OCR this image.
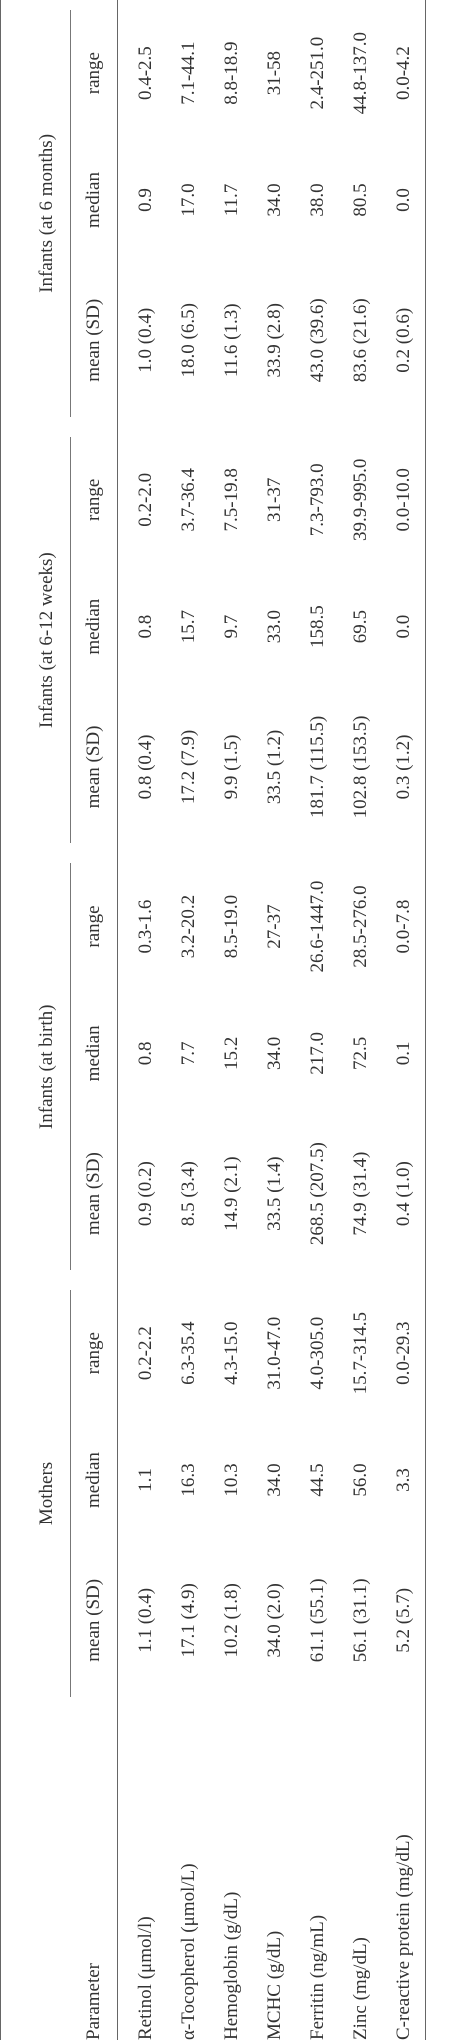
	Mothers			Infants (at birth)			Infants (at 6-12 weeks)			Infants (at 6 months)		

Parameter	mean (SD)	median	range	mean (SD)	median	range	mean (SD)	median	range	mean (SD)	median	range
Retinol (μmol/l)	1.1 (0.4)	1.1	0.2-2.2	0.9 (0.2)	0.8	0.3-1.6	0.8 (0.4)	0.8	0.2-2.0	1.0 (0.4)	0.9	0.4-2.5
α-Tocopherol (μmol/L)	17.1 (4.9)	16.3	6.3-35.4	8.5 (3.4)	7.7	3.2-20.2	17.2 (7.9)	15.7	3.7-36.4	18.0 (6.5)	17.0	7.1-44.1
Hemoglobin (g/dL)	10.2 (1.8)	10.3	4.3-15.0	14.9 (2.1)	15.2	8.5-19.0	9.9 (1.5)	9.7	7.5-19.8	11.6 (1.3)	11.7	8.8-18.9
MCHC (g/dL)	34.0 (2.0)	34.0	31.0-47.0	33.5 (1.4)	34.0	27-37	33.5 (1.2)	33.0	31-37	33.9 (2.8)	34.0	31-58
Ferritin (ng/mL)	61.1 (55.1)	44.5	4.0-305.0	268.5 (207.5)	217.0	26.6-1447.0	181.7 (115.5)	158.5	7.3-793.0	43.0 (39.6)	38.0	2.4-251.0
Zinc (mg/dL)	56.1 (31.1)	56.0	15.7-314.5	74.9 (31.4)	72.5	28.5-276.0	102.8 (153.5)	69.5	39.9-995.0	83.6 (21.6)	80.5	44.8-137.0
C-reactive protein (mg/dL)	5.2 (5.7)	3.3	0.0-29.3	0.4 (1.0)	0.1	0.0-7.8	0.3 (1.2)	0.0	0.0-10.0	0.2 (0.6)	0.0	0.0-4.2
